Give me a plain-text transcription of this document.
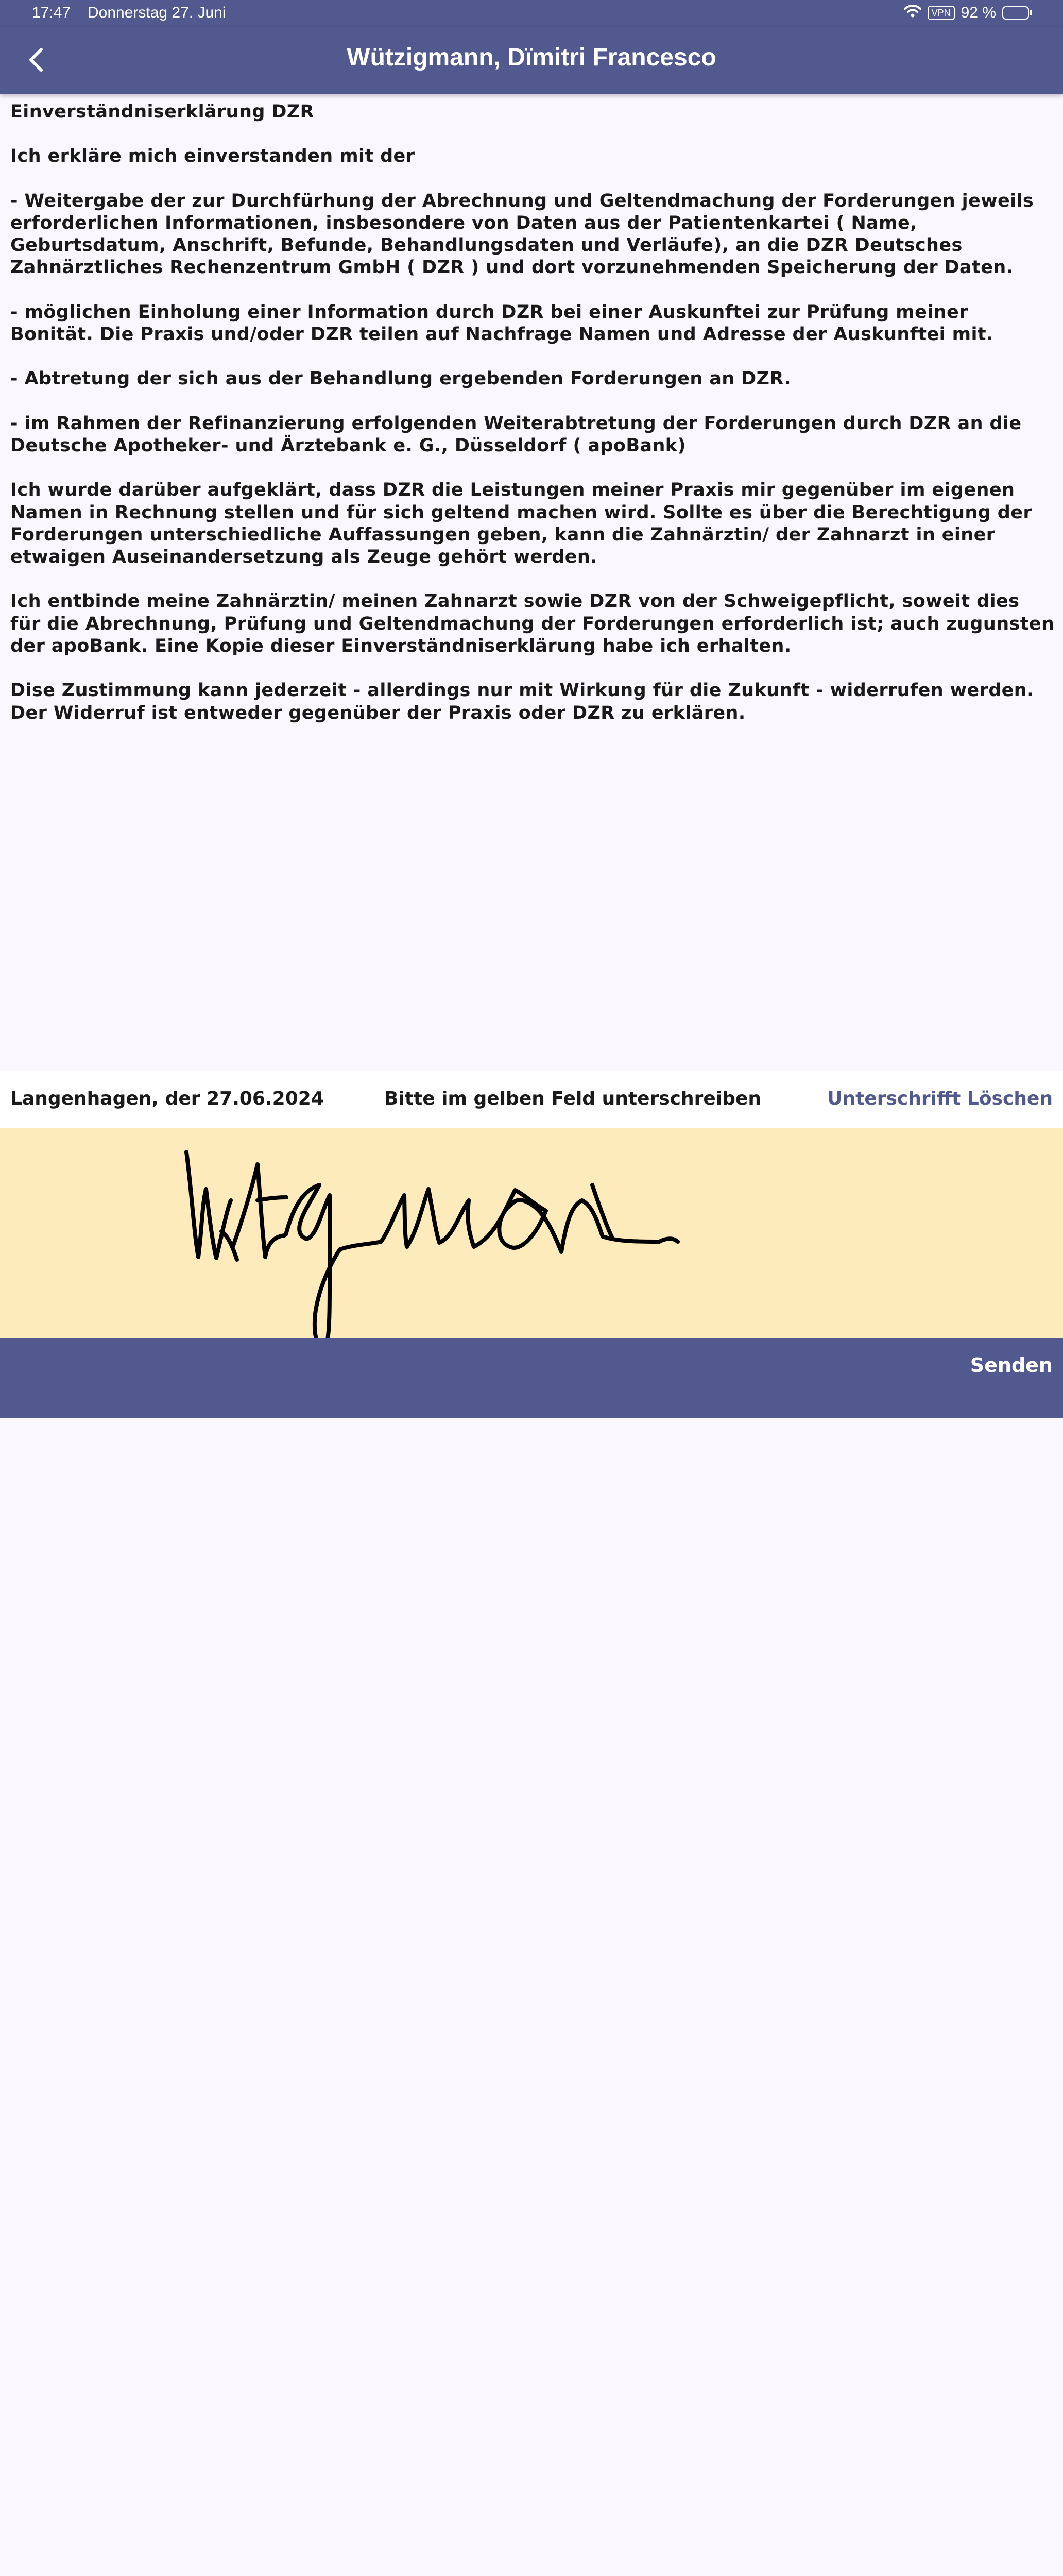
17:47 Donnerstag 27. Juni	VPN 92 %
Wützigmann, Dïmitri Francesco

Einverständniserklärung DZR

Ich erkläre mich einverstanden mit der

- Weitergabe der zur Durchfürhung der Abrechnung und Geltendmachung der Forderungen jeweils erforderlichen Informationen, insbesondere von Daten aus der Patientenkartei ( Name, Geburtsdatum, Anschrift, Befunde, Behandlungsdaten und Verläufe), an die DZR Deutsches Zahnärztliches Rechenzentrum GmbH ( DZR ) und dort vorzunehmenden Speicherung der Daten.

- möglichen Einholung einer Information durch DZR bei einer Auskunftei zur Prüfung meiner Bonität. Die Praxis und/oder DZR teilen auf Nachfrage Namen und Adresse der Auskunftei mit.

- Abtretung der sich aus der Behandlung ergebenden Forderungen an DZR.

- im Rahmen der Refinanzierung erfolgenden Weiterabtretung der Forderungen durch DZR an die Deutsche Apotheker- und Ärztebank e. G., Düsseldorf ( apoBank)

Ich wurde darüber aufgeklärt, dass DZR die Leistungen meiner Praxis mir gegenüber im eigenen Namen in Rechnung stellen und für sich geltend machen wird. Sollte es über die Berechtigung der Forderungen unterschiedliche Auffassungen geben, kann die Zahnärztin/ der Zahnarzt in einer etwaigen Auseinandersetzung als Zeuge gehört werden.

Ich entbinde meine Zahnärztin/ meinen Zahnarzt sowie DZR von der Schweigepflicht, soweit dies für die Abrechnung, Prüfung und Geltendmachung der Forderungen erforderlich ist; auch zugunsten der apoBank. Eine Kopie dieser Einverständniserklärung habe ich erhalten.

Dise Zustimmung kann jederzeit - allerdings nur mit Wirkung für die Zukunft - widerrufen werden. Der Widerruf ist entweder gegenüber der Praxis oder DZR zu erklären.

Langenhagen, der 27.06.2024	Bitte im gelben Feld unterschreiben	Unterschrifft Löschen
Senden
